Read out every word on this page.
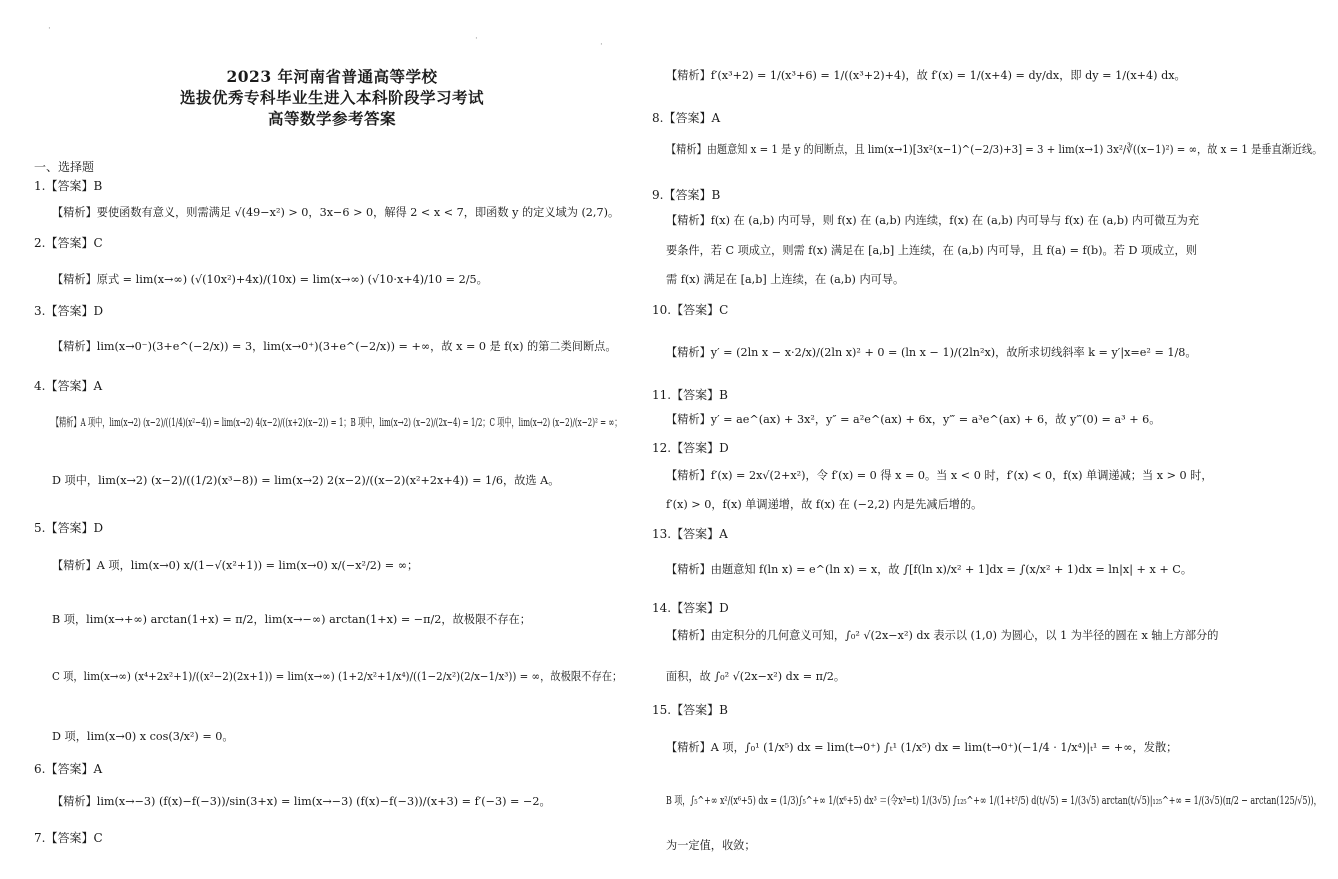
2023 年河南省普通高等学校
选拔优秀专科毕业生进入本科阶段学习考试
高等数学参考答案
一、选择题
1.【答案】B
【精析】要使函数有意义，则需满足 √(49−x²) > 0，3x−6 > 0，解得 2 < x < 7，即函数 y 的定义域为 (2,7)。
2.【答案】C
【精析】原式 = lim(x→∞) (√(10x²)+4x)/(10x) = lim(x→∞) (√10·x+4)/10 = 2/5。
3.【答案】D
【精析】lim(x→0⁻)(3+e^(−2/x)) = 3，lim(x→0⁺)(3+e^(−2/x)) = +∞，故 x = 0 是 f(x) 的第二类间断点。
4.【答案】A
【精析】A 项中，lim(x→2) (x−2)/((1/4)(x²−4)) = lim(x→2) 4(x−2)/((x+2)(x−2)) = 1；B 项中，lim(x→2) (x−2)/(2x−4) = 1/2；C 项中，lim(x→2) (x−2)/(x−2)² = ∞；
D 项中，lim(x→2) (x−2)/((1/2)(x³−8)) = lim(x→2) 2(x−2)/((x−2)(x²+2x+4)) = 1/6，故选 A。
5.【答案】D
【精析】A 项，lim(x→0) x/(1−√(x²+1)) = lim(x→0) x/(−x²/2) = ∞；
B 项，lim(x→+∞) arctan(1+x) = π/2，lim(x→−∞) arctan(1+x) = −π/2，故极限不存在；
C 项，lim(x→∞) (x⁴+2x²+1)/((x²−2)(2x+1)) = lim(x→∞) (1+2/x²+1/x⁴)/((1−2/x²)(2/x−1/x³)) = ∞，故极限不存在；
D 项，lim(x→0) x cos(3/x²) = 0。
6.【答案】A
【精析】lim(x→−3) (f(x)−f(−3))/sin(3+x) = lim(x→−3) (f(x)−f(−3))/(x+3) = f′(−3) = −2。
7.【答案】C
【精析】f′(x³+2) = 1/(x³+6) = 1/((x³+2)+4)，故 f′(x) = 1/(x+4) = dy/dx，即 dy = 1/(x+4) dx。
8.【答案】A
【精析】由题意知 x = 1 是 y 的间断点，且 lim(x→1)[3x²(x−1)^(−2/3)+3] = 3 + lim(x→1) 3x²/∛((x−1)²) = ∞，故 x = 1 是垂直渐近线。
9.【答案】B
【精析】f(x) 在 (a,b) 内可导，则 f(x) 在 (a,b) 内连续，f(x) 在 (a,b) 内可导与 f(x) 在 (a,b) 内可微互为充
要条件，若 C 项成立，则需 f(x) 满足在 [a,b] 上连续，在 (a,b) 内可导，且 f(a) = f(b)。若 D 项成立，则
需 f(x) 满足在 [a,b] 上连续，在 (a,b) 内可导。
10.【答案】C
【精析】y′ = (2ln x − x·2/x)/(2ln x)² + 0 = (ln x − 1)/(2ln²x)，故所求切线斜率 k = y′|x=e² = 1/8。
11.【答案】B
【精析】y′ = ae^(ax) + 3x²，y″ = a²e^(ax) + 6x，y‴ = a³e^(ax) + 6，故 y‴(0) = a³ + 6。
12.【答案】D
【精析】f′(x) = 2x√(2+x²)，令 f′(x) = 0 得 x = 0。当 x < 0 时，f′(x) < 0，f(x) 单调递减；当 x > 0 时，
f′(x) > 0，f(x) 单调递增，故 f(x) 在 (−2,2) 内是先减后增的。
13.【答案】A
【精析】由题意知 f(ln x) = e^(ln x) = x，故 ∫[f(ln x)/x² + 1]dx = ∫(x/x² + 1)dx = ln|x| + x + C。
14.【答案】D
【精析】由定积分的几何意义可知，∫₀² √(2x−x²) dx 表示以 (1,0) 为圆心，以 1 为半径的圆在 x 轴上方部分的
面积，故 ∫₀² √(2x−x²) dx = π/2。
15.【答案】B
【精析】A 项，∫₀¹ (1/x⁵) dx = lim(t→0⁺) ∫ₜ¹ (1/x⁵) dx = lim(t→0⁺)(−1/4 · 1/x⁴)|ₜ¹ = +∞，发散；
B 项，∫₅^+∞ x²/(x⁶+5) dx = (1/3)∫₅^+∞ 1/(x⁶+5) dx³ ＝(令x³=t) 1/(3√5) ∫₁₂₅^+∞ 1/(1+t²/5) d(t/√5) = 1/(3√5) arctan(t/√5)|₁₂₅^+∞ = 1/(3√5)(π/2 − arctan(125/√5))，
为一定值，收敛；
·
·
·
